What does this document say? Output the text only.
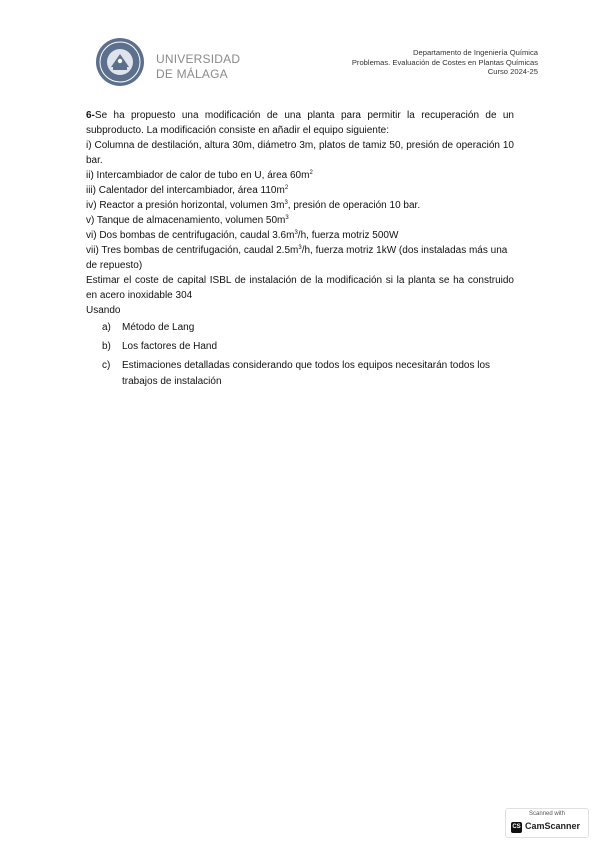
UNIVERSIDAD
DE MÁLAGA
Departamento de Ingeniería Química
Problemas. Evaluación de Costes en Plantas Químicas
Curso 2024-25

6-Se ha propuesto una modificación de una planta para permitir la recuperación de un subproducto. La modificación consiste en añadir el equipo siguiente:

i) Columna de destilación, altura 30m, diámetro 3m, platos de tamiz 50, presión de operación 10 bar.

ii) Intercambiador de calor de tubo en U, área $60m^2$

iii) Calentador del intercambiador, área $110m^2$

iv) Reactor a presión horizontal, volumen $3m^3$, presión de operación 10 bar.

v) Tanque de almacenamiento, volumen $50m^3$

vi) Dos bombas de centrifugación, caudal $3.6m^3/h$, fuerza motriz 500W

vii) Tres bombas de centrifugación, caudal $2.5m^3/h$, fuerza motriz 1kW (dos instaladas más una de repuesto)

Estimar el coste de capital ISBL de instalación de la modificación si la planta se ha construido en acero inoxidable 304

Usando

a) Método de Lang
b) Los factores de Hand
c) Estimaciones detalladas considerando que todos los equipos necesitarán todos los trabajos de instalación
Scanned with
CS CamScanner
